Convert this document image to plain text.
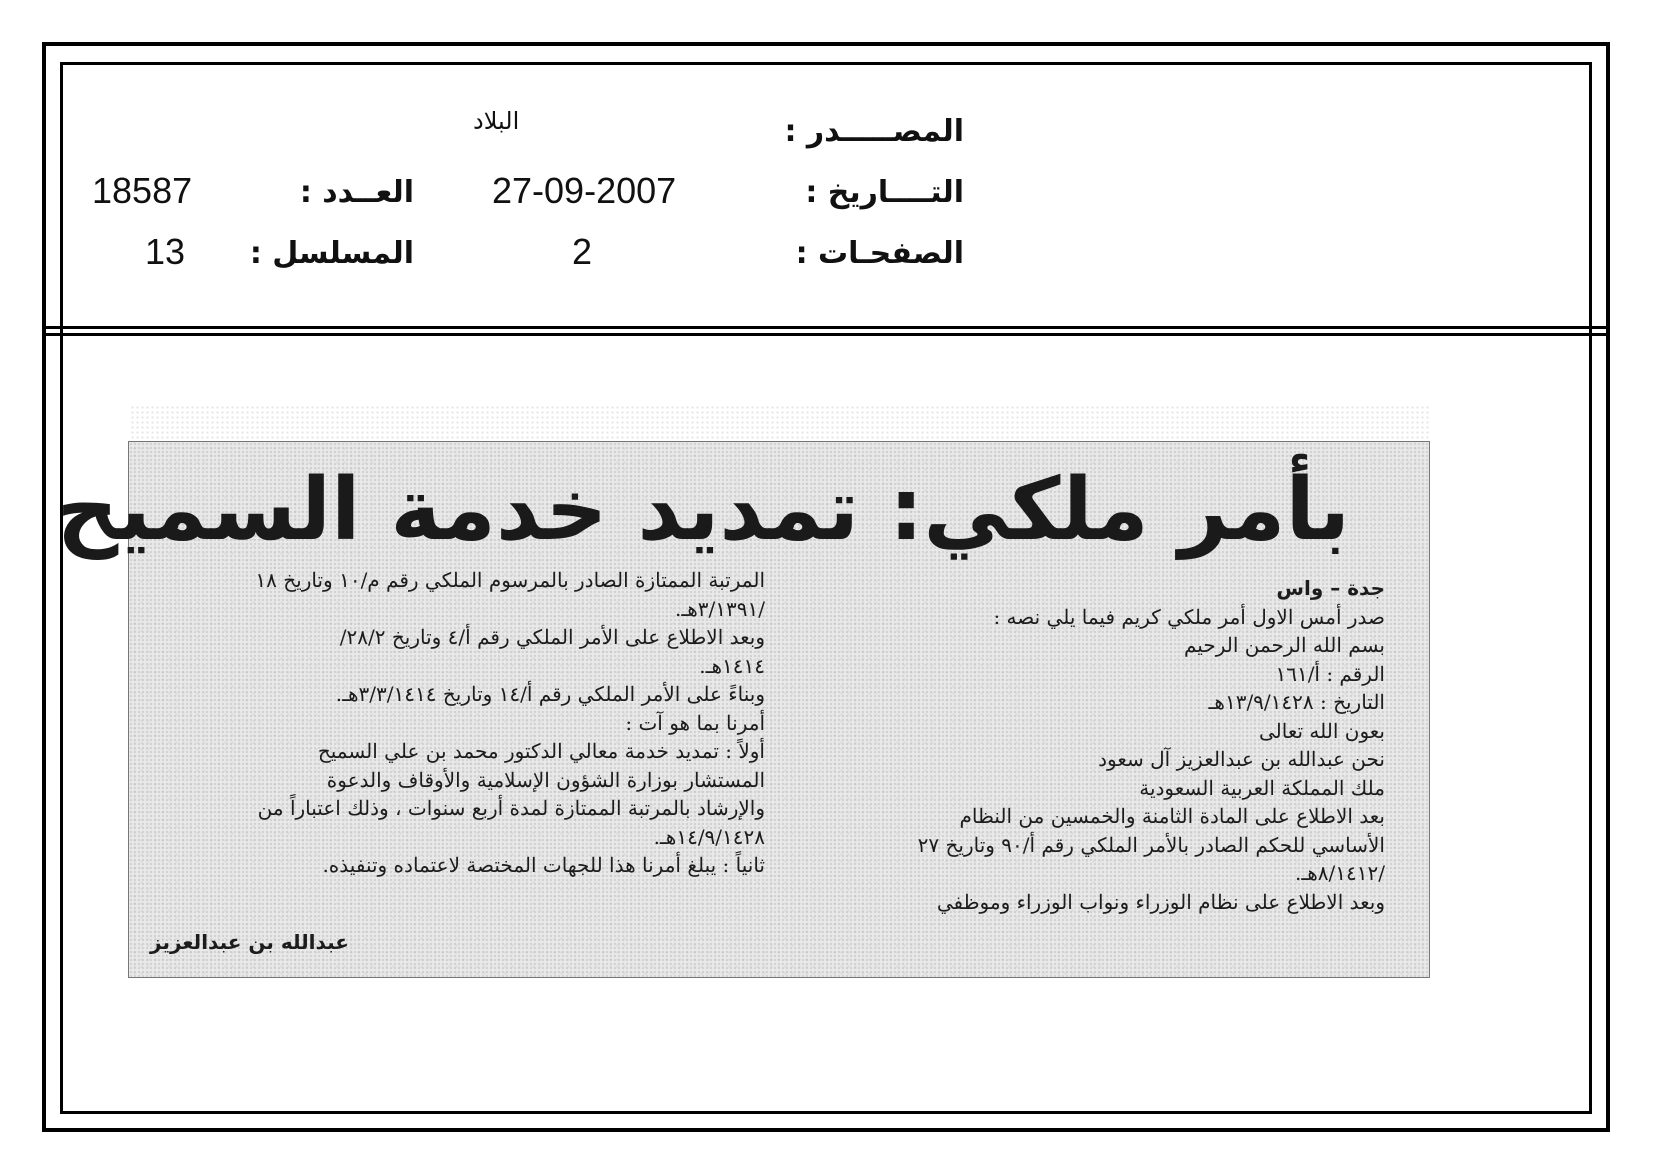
المصـــــدر :
البلاد
التــــاريخ :
27-09-2007
الصفحـات :
2
العــدد :
18587
المسلسل :
13
بأمر ملكي: تمديد خدمة السميح
جدة – واس
صدر أمس الاول أمر ملكي كريم فيما يلي نصه :
بسم الله الرحمن الرحيم
الرقم : أ/١٦١
التاريخ : ١٣/٩/١٤٢٨هـ
بعون الله تعالى
نحن عبدالله بن عبدالعزيز آل سعود
ملك المملكة العربية السعودية
بعد الاطلاع على المادة الثامنة والخمسين من النظام
الأساسي للحكم الصادر بالأمر الملكي رقم أ/٩٠ وتاريخ ٢٧
/٨/١٤١٢هـ.
وبعد الاطلاع على نظام الوزراء ونواب الوزراء وموظفي
المرتبة الممتازة الصادر بالمرسوم الملكي رقم م/١٠ وتاريخ ١٨
/٣/١٣٩١هـ.
وبعد الاطلاع على الأمر الملكي رقم أ/٤ وتاريخ ٢٨/٢/
١٤١٤هـ.
وبناءً على الأمر الملكي رقم أ/١٤ وتاريخ ٣/٣/١٤١٤هـ.
أمرنا بما هو آت :
أولاً : تمديد خدمة معالي الدكتور محمد بن علي السميح
المستشار بوزارة الشؤون الإسلامية والأوقاف والدعوة
والإرشاد بالمرتبة الممتازة لمدة أربع سنوات ، وذلك اعتباراً من
١٤/٩/١٤٢٨هـ.
ثانياً : يبلغ أمرنا هذا للجهات المختصة لاعتماده وتنفيذه.
عبدالله بن عبدالعزيز
